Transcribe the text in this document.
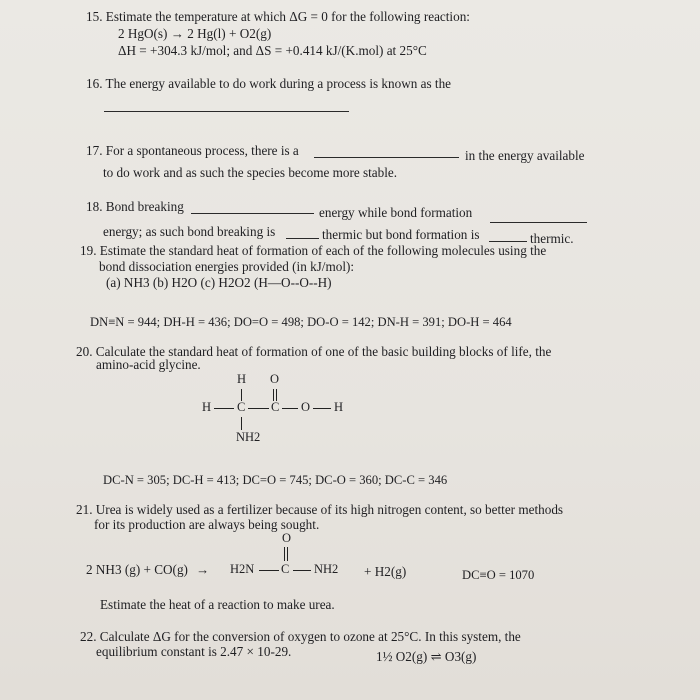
15. Estimate the temperature at which ΔG = 0 for the following reaction:
2 HgO(s) → 2 Hg(l) + O2(g)
ΔH = +304.3 kJ/mol; and ΔS = +0.414 kJ/(K.mol) at 25°C
16. The energy available to do work during a process is known as the
17. For a spontaneous process, there is a	in the energy available
to do work and as such the species become more stable.
18. Bond breaking	energy while bond formation
energy; as such bond breaking is	thermic but bond formation is	thermic.
19. Estimate the standard heat of formation of each of the following molecules using the
bond dissociation energies provided (in kJ/mol):
(a) NH3 (b) H2O (c) H2O2 (H—O--O--H)
DN≡N = 944; DH-H = 436; DO=O = 498; DO-O = 142; DN-H = 391; DO-H = 464
20. Calculate the standard heat of formation of one of the basic building blocks of life, the
amino-acid glycine.
H O
H C C O H
NH2
DC-N = 305; DC-H = 413; DC=O = 745; DC-O = 360; DC-C = 346
21. Urea is widely used as a fertilizer because of its high nitrogen content, so better methods
for its production are always being sought.
2 NH3 (g) + CO(g) →
O
H2N C NH2 + H2(g)	DC≡O = 1070
Estimate the heat of a reaction to make urea.
22. Calculate ΔG for the conversion of oxygen to ozone at 25°C. In this system, the
equilibrium constant is 2.47 × 10-29.	1½ O2(g) ⇌ O3(g)
